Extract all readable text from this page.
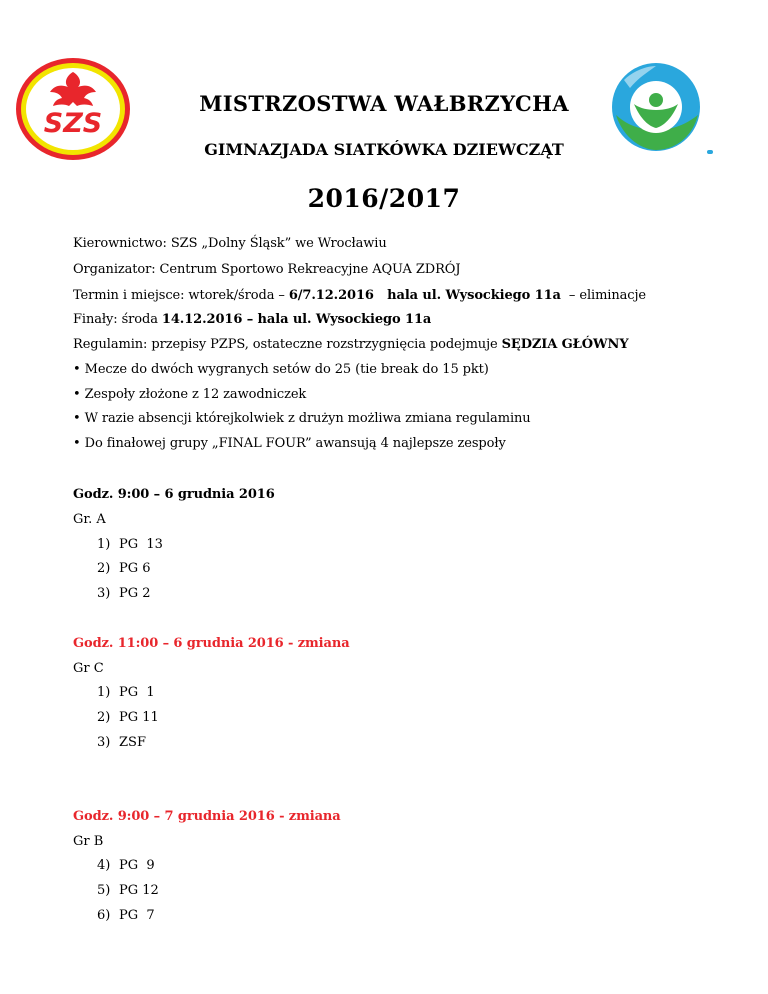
SZS
MISTRZOSTWA WAŁBRZYCHA
GIMNAZJADA SIATKÓWKA DZIEWCZĄT
2016/2017
Kierownictwo: SZS „Dolny Śląsk” we Wrocławiu
Organizator: Centrum Sportowo Rekreacyjne AQUA ZDRÓJ
Termin i miejsce: wtorek/środa – 6/7.12.2016   hala ul. Wysockiego 11a  – eliminacje
Finały: środa 14.12.2016 – hala ul. Wysockiego 11a
Regulamin: przepisy PZPS, ostateczne rozstrzygnięcia podejmuje SĘDZIA GŁÓWNY
• Mecze do dwóch wygranych setów do 25 (tie break do 15 pkt)
• Zespoły złożone z 12 zawodniczek
• W razie absencji którejkolwiek z drużyn możliwa zmiana regulaminu
• Do finałowej grupy „FINAL FOUR” awansują 4 najlepsze zespoły
Godz. 9:00 – 6 grudnia 2016
Gr. A
1) PG  13
2) PG 6
3) PG 2
Godz. 11:00 – 6 grudnia 2016 - zmiana
Gr C
1) PG  1
2) PG 11
3) ZSF
Godz. 9:00 – 7 grudnia 2016 - zmiana
Gr B
4) PG  9
5) PG 12
6) PG  7
